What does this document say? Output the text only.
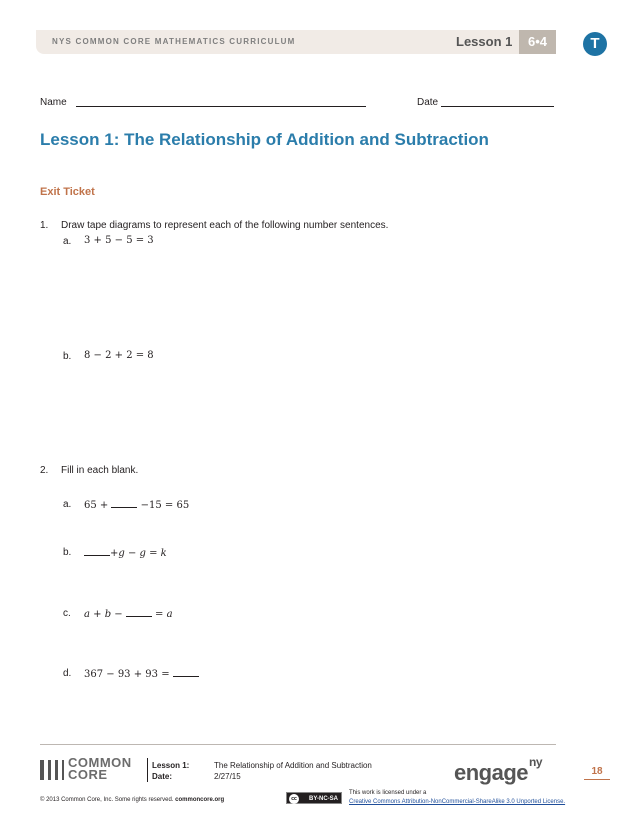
NYS COMMON CORE MATHEMATICS CURRICULUM	Lesson 1	6•4	T
Name	Date
Lesson 1: The Relationship of Addition and Subtraction
Exit Ticket
1. Draw tape diagrams to represent each of the following number sentences.
a. 3 + 5 − 5 = 3
b. 8 − 2 + 2 = 8
2. Fill in each blank.
a. 65 +	−15 = 65
b.	+g − g = k
c. a + b −	= a
d. 367 − 93 + 93 =
COMMON
CORE
Lesson 1:	The Relationship of Addition and Subtraction
Date:	2/27/15	engage$^{ny}$
18
© 2013 Common Core, Inc. Some rights reserved. commoncore.org
cc	BY-NC-SA
This work is licensed under a
Creative Commons Attribution-NonCommercial-ShareAlike 3.0 Unported License.
